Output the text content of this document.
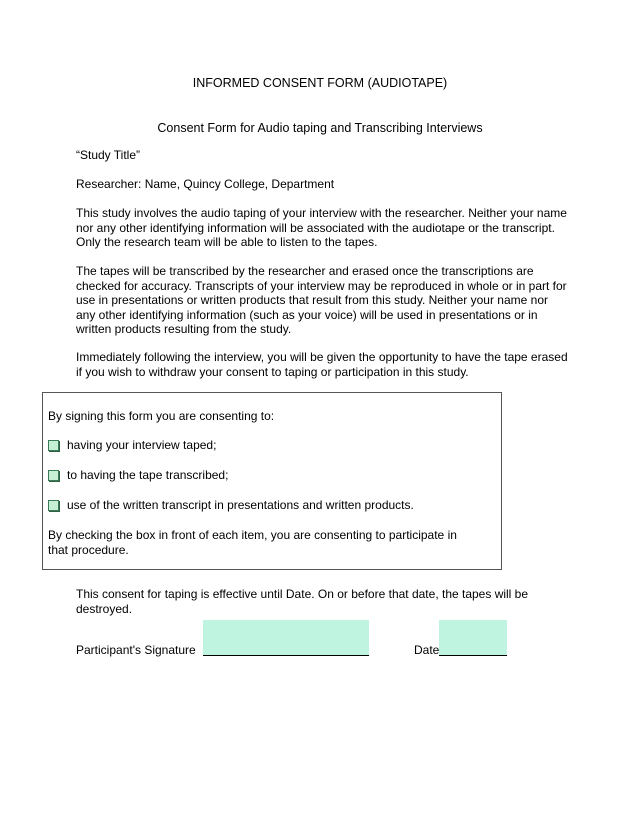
INFORMED CONSENT FORM (AUDIOTAPE)
Consent Form for Audio taping and Transcribing Interviews
“Study Title”
Researcher: Name, Quincy College, Department
This study involves the audio taping of your interview with the researcher. Neither your name nor any other identifying information will be associated with the audiotape or the transcript. Only the research team will be able to listen to the tapes.
The tapes will be transcribed by the researcher and erased once the transcriptions are checked for accuracy. Transcripts of your interview may be reproduced in whole or in part for use in presentations or written products that result from this study. Neither your name nor any other identifying information (such as your voice) will be used in presentations or in written products resulting from the study.
Immediately following the interview, you will be given the opportunity to have the tape erased if you wish to withdraw your consent to taping or participation in this study.
By signing this form you are consenting to:
having your interview taped;
to having the tape transcribed;
use of the written transcript in presentations and written products.
By checking the box in front of each item, you are consenting to participate in that procedure.
This consent for taping is effective until Date. On or before that date, the tapes will be destroyed.
Participant's Signature	Date
